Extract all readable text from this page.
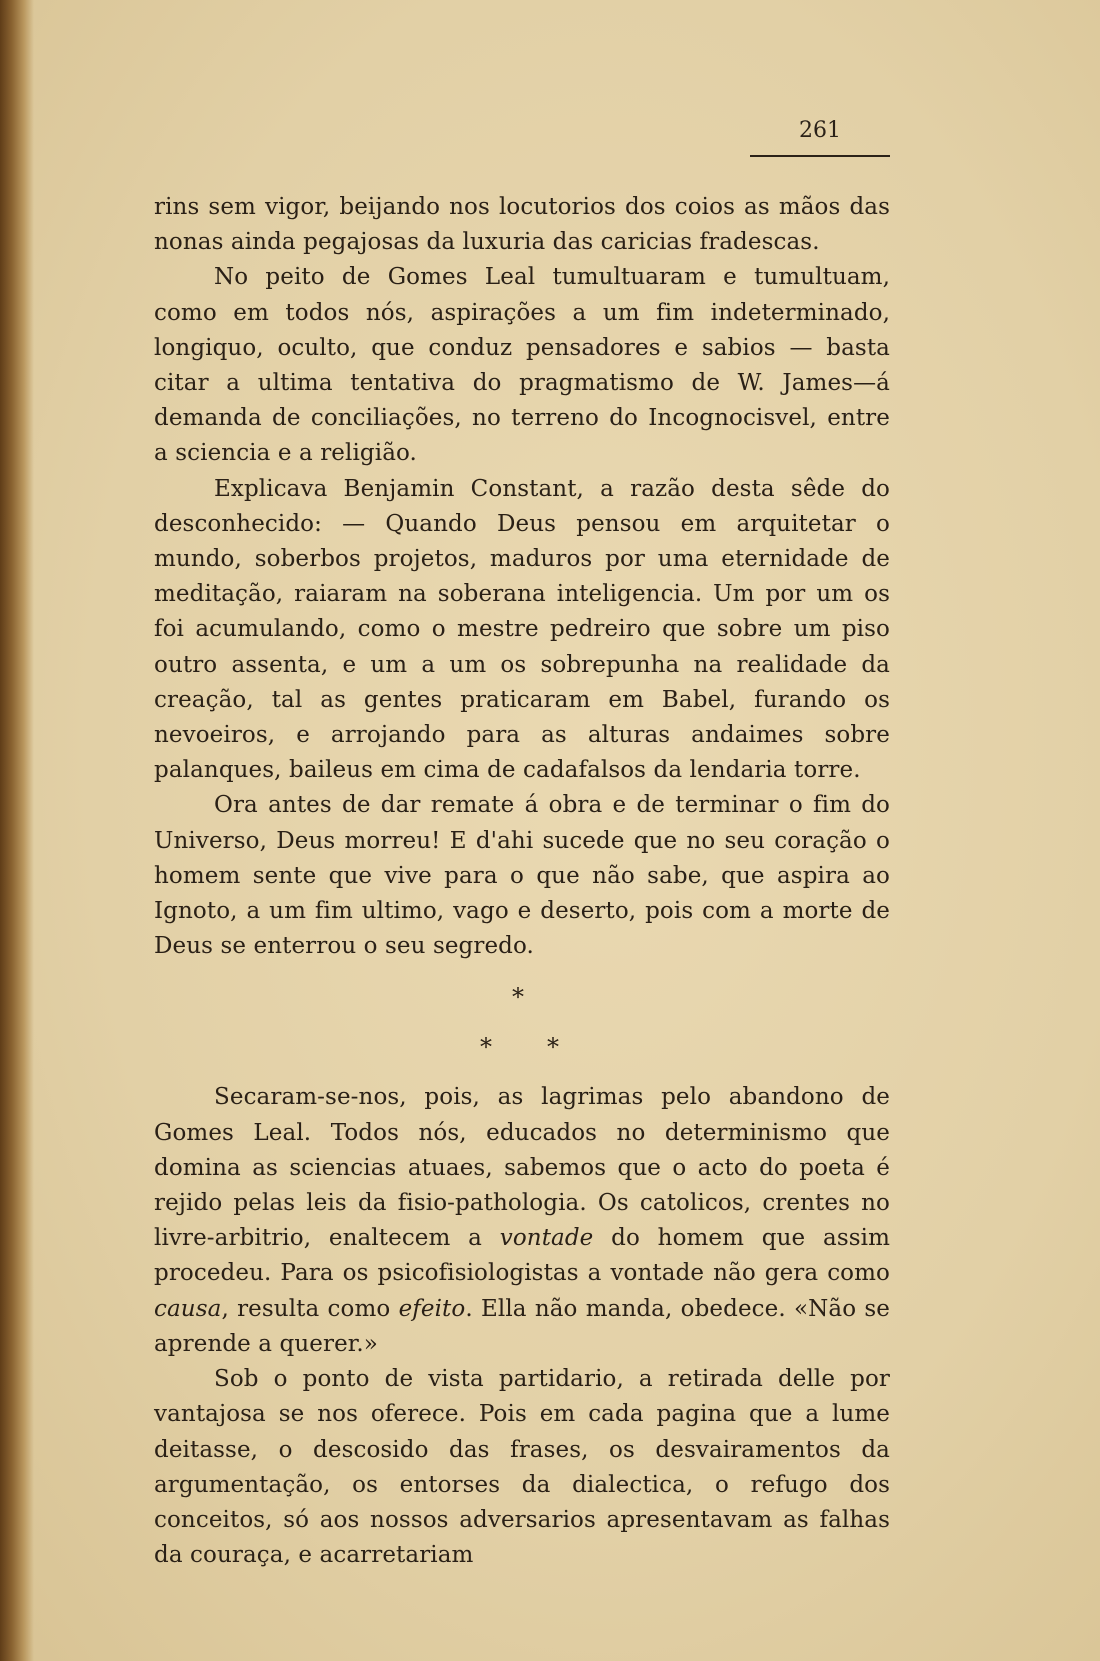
261

rins sem vigor, beijando nos locutorios dos coios as mãos das nonas ainda pegajosas da luxuria das caricias fradescas.

No peito de Gomes Leal tumultuaram e tumultuam, como em todos nós, aspirações a um fim indeterminado, longiquo, oculto, que conduz pensadores e sabios — basta citar a ultima tentativa do pragmatismo de W. James—á demanda de conciliações, no terreno do Incognocisvel, entre a sciencia e a religião.

Explicava Benjamin Constant, a razão desta sêde do desconhecido: — Quando Deus pensou em arquitetar o mundo, soberbos projetos, maduros por uma eternidade de meditação, raiaram na soberana inteligencia. Um por um os foi acumulando, como o mestre pedreiro que sobre um piso outro assenta, e um a um os sobrepunha na realidade da creação, tal as gentes praticaram em Babel, furando os nevoeiros, e arrojando para as alturas andaimes sobre palanques, baileus em cima de cadafalsos da lendaria torre.

Ora antes de dar remate á obra e de terminar o fim do Universo, Deus morreu! E d'ahi sucede que no seu coração o homem sente que vive para o que não sabe, que aspira ao Ignoto, a um fim ultimo, vago e deserto, pois com a morte de Deus se enterrou o seu segredo.

*
* *

Secaram-se-nos, pois, as lagrimas pelo abandono de Gomes Leal. Todos nós, educados no determinismo que domina as sciencias atuaes, sabemos que o acto do poeta é rejido pelas leis da fisio-pathologia. Os catolicos, crentes no livre-arbitrio, enaltecem a vontade do homem que assim procedeu. Para os psicofisiologistas a vontade não gera como causa, resulta como efeito. Ella não manda, obedece. «Não se aprende a querer.»

Sob o ponto de vista partidario, a retirada delle por vantajosa se nos oferece. Pois em cada pagina que a lume deitasse, o descosido das frases, os desvairamentos da argumentação, os entorses da dialectica, o refugo dos conceitos, só aos nossos adversarios apresentavam as falhas da couraça, e acarretariam
